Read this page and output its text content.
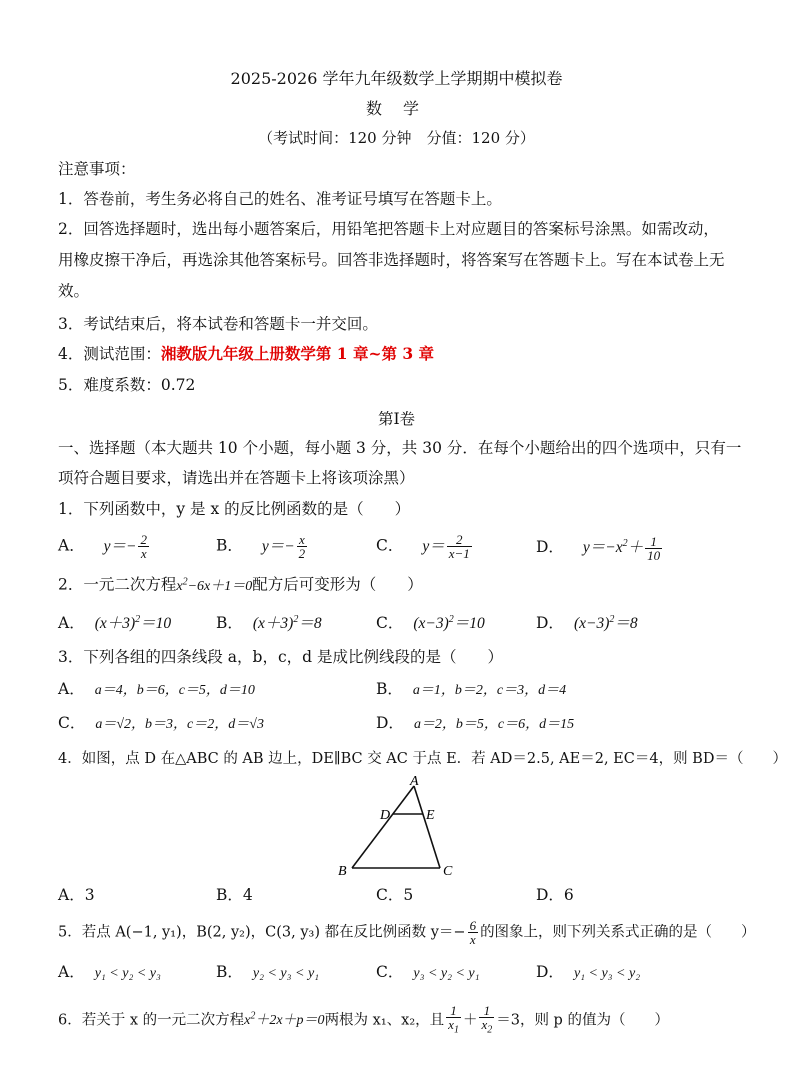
2025-2026 学年九年级数学上学期期中模拟卷
数 学
（考试时间：120 分钟　分值：120 分）
注意事项：
1．答卷前，考生务必将自己的姓名、准考证号填写在答题卡上。
2．回答选择题时，选出每小题答案后，用铅笔把答题卡上对应题目的答案标号涂黑。如需改动，
用橡皮擦干净后，再选涂其他答案标号。回答非选择题时，将答案写在答题卡上。写在本试卷上无
效。
3．考试结束后，将本试卷和答题卡一并交回。
4．测试范围：湘教版九年级上册数学第 1 章~第 3 章
5．难度系数：0.72
第Ⅰ卷
一、选择题（本大题共 10 个小题，每小题 3 分，共 30 分．在每个小题给出的四个选项中，只有一
项符合题目要求，请选出并在答题卡上将该项涂黑）
1．下列函数中，y 是 x 的反比例函数的是（　　）
A． $y=- \frac{2}{x}$	B． $y=- \frac{x}{2}$	C． $y= \frac{2}{x-1}$	D． $y=-x^2+ \frac{1}{10}$
2．一元二次方程$x^2-6x+1=0$配方后可变形为（　　）
A． $(x+3)^2=10$	B． $(x+3)^2=8$	C． $(x-3)^2=10$	D． $(x-3)^2=8$
3．下列各组的四条线段 a，b，c，d 是成比例线段的是（　　）
A． a＝4，b＝6，c＝5，d＝10	B． a＝1，b＝2，c＝3，d＝4
C． a＝√2，b＝3，c＝2，d＝√3	D． a＝2，b＝5，c＝6，d＝15
4．如图，点 D 在△ABC 的 AB 边上，DE∥BC 交 AC 于点 E．若 AD＝2.5, AE＝2, EC＝4，则 BD＝（　　）
A
D	E
B	C
A．3	B．4	C．5	D．6
5．若点 A(−1, y₁)，B(2, y₂)，C(3, y₃) 都在反比例函数 $y=- \frac{6}{x}$ 的图象上，则下列关系式正确的是（　　）
A． y₁ < y₂ < y₃	B． y₂ < y₃ < y₁	C． y₃ < y₂ < y₁	D． y₁ < y₃ < y₂
6．若关于 x 的一元二次方程$x^2+2x+p=0$两根为 x₁、x₂，且 $\frac{1}{x_1} + \frac{1}{x_2} =3$，则 p 的值为（　　）
